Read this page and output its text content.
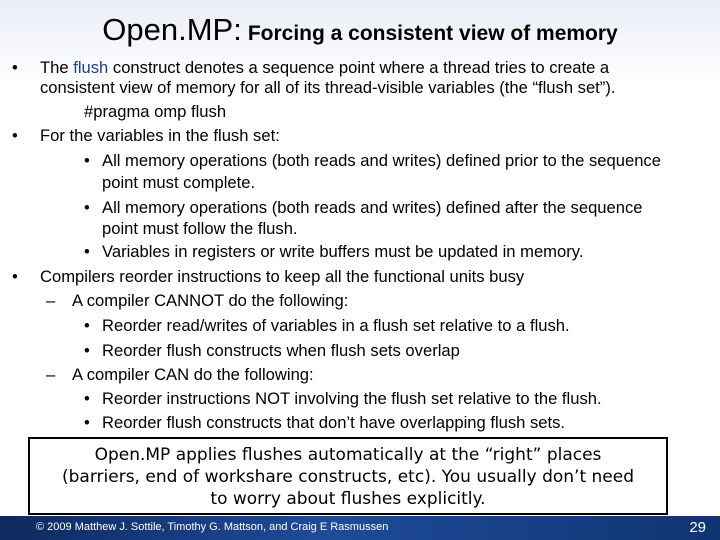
Open.MP: Forcing a consistent view of memory
• The flush construct denotes a sequence point where a thread tries to create a
consistent view of memory for all of its thread-visible variables (the “flush set”).
#pragma omp flush
• For the variables in the flush set:
• All memory operations (both reads and writes) defined prior to the sequence
point must complete.
• All memory operations (both reads and writes) defined after the sequence
point must follow the flush.
• Variables in registers or write buffers must be updated in memory.
• Compilers reorder instructions to keep all the functional units busy
– A compiler CANNOT do the following:
• Reorder read/writes of variables in a flush set relative to a flush.
• Reorder flush constructs when flush sets overlap
– A compiler CAN do the following:
• Reorder instructions NOT involving the flush set relative to the flush.
• Reorder flush constructs that don’t have overlapping flush sets.
Open.MP applies flushes automatically at the “right” places
(barriers, end of workshare constructs, etc). You usually don’t need
to worry about flushes explicitly.
© 2009 Matthew J. Sottile, Timothy G. Mattson, and Craig E Rasmussen	29
